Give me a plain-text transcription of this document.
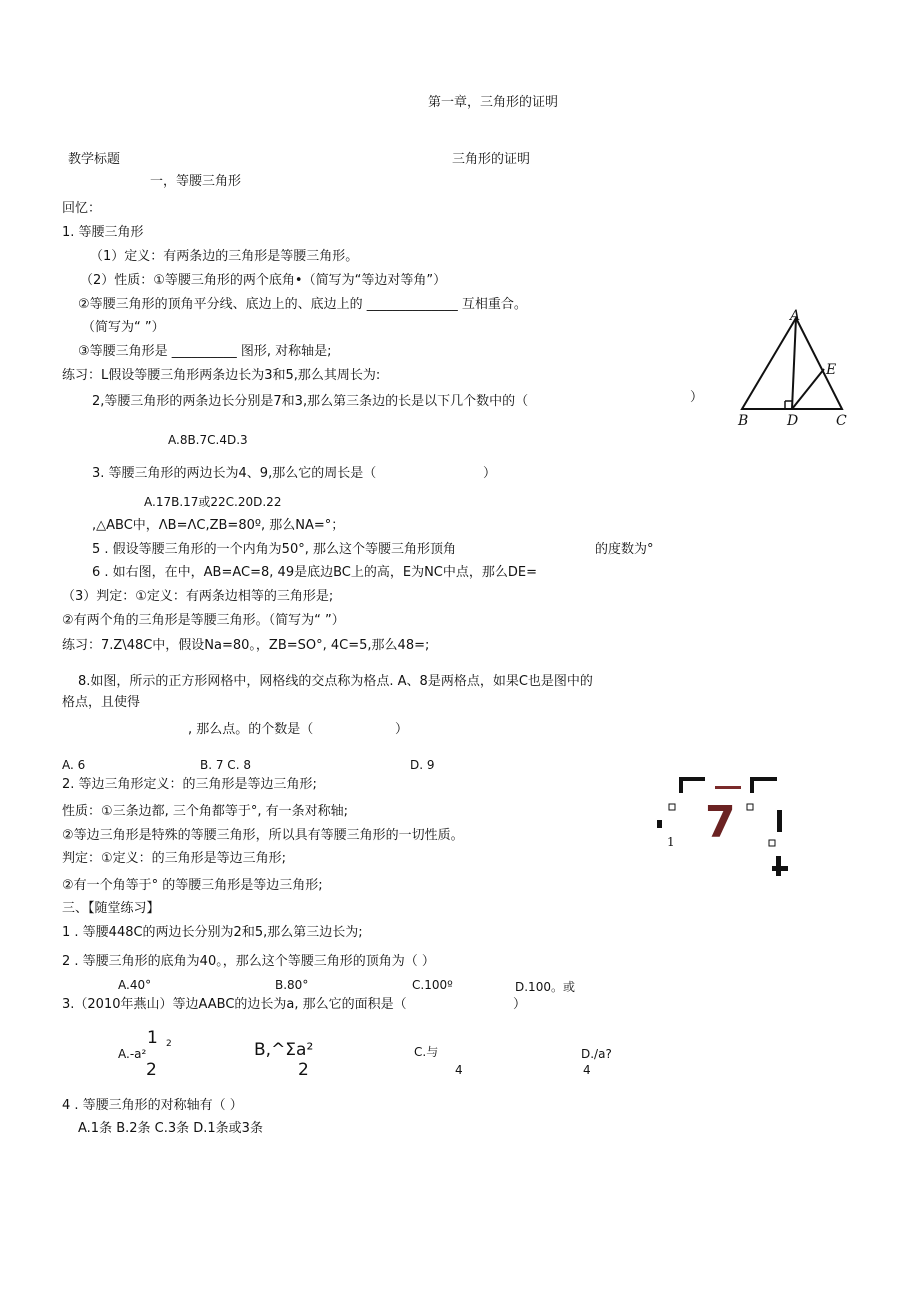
第一章，三角形的证明
教学标题	三角形的证明
一，等腰三角形
回忆：
1. 等腰三角形
（1）定义：有两条边的三角形是等腰三角形。
（2）性质：①等腰三角形的两个底角•（简写为“等边对等角”）
②等腰三角形的顶角平分线、底边上的、底边上的 ______________ 互相重合。
（简写为“ ”）
③等腰三角形是 __________ 图形, 对称轴是;
练习：L假设等腰三角形两条边长为3和5,那么其周长为:
2,等腰三角形的两条边长分别是7和3,那么第三条边的长是以下几个数中的（	）
A.8B.7C.4D.3
3. 等腰三角形的两边长为4、9,那么它的周长是（	）
A.17B.17或22C.20D.22
,△ABC中，ΛB=ΛC,ZB=80º, 那么NA=°；
5 . 假设等腰三角形的一个内角为50°, 那么这个等腰三角形顶角	的度数为°
6 . 如右图，在中，AB=AC=8, 49是底边BC上的高，E为NC中点，那么DE=
（3）判定：①定义：有两条边相等的三角形是;
②有两个角的三角形是等腰三角形。（简写为“ ”）
练习：7.Z\48C中，假设Na=80。，ZB=SO°, 4C=5,那么48=;
8.如图，所示的正方形网格中，网格线的交点称为格点. A、8是两格点，如果C也是图中的
格点，且使得
, 那么点。的个数是（	）
A. 6	B. 7 C. 8	D. 9
2. 等边三角形定义：的三角形是等边三角形;
性质：①三条边都, 三个角都等于°, 有一条对称轴;
②等边三角形是特殊的等腰三角形，所以具有等腰三角形的一切性质。
判定：①定义：的三角形是等边三角形;
②有一个角等于° 的等腰三角形是等边三角形;
三、【随堂练习】
1 . 等腰448C的两边长分别为2和5,那么第三边长为;
2 . 等腰三角形的底角为40。，那么这个等腰三角形的顶角为（ ）
A.40°	B.80°	C.100º	D.100。或
3.（2010年燕山）等边AABC的边长为a, 那么它的面积是（	）
A.-a²
1 2
2
B,^Σa²
2
C.与
4
D./a?
4
4 . 等腰三角形的对称轴有（ ）
A.1条 B.2条 C.3条 D.1条或3条
A
B	C
D
E
7
1
